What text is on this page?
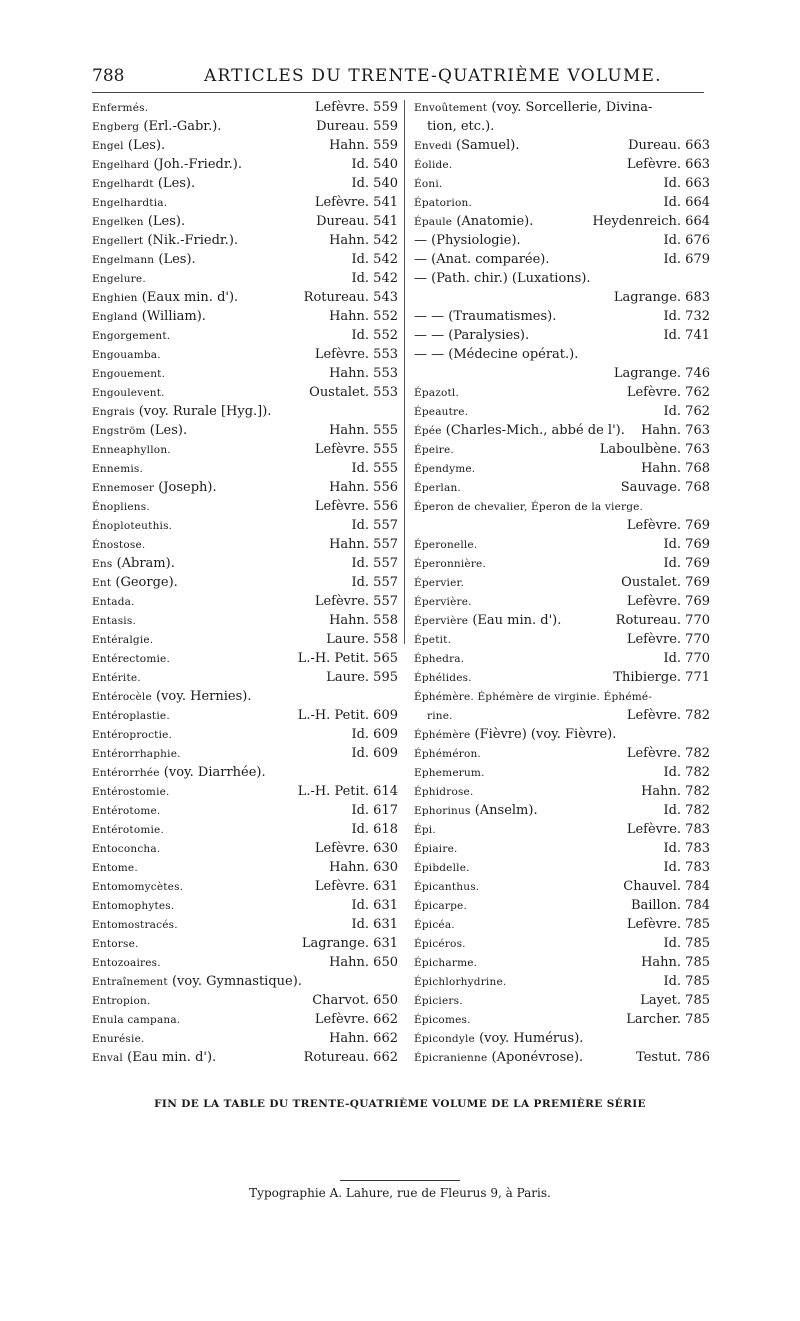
788	ARTICLES DU TRENTE-QUATRIÈME VOLUME.
Enfermés.	Lefèvre. 559
Engberg (Erl.-Gabr.).	Dureau. 559
Engel (Les).	Hahn. 559
Engelhard (Joh.-Friedr.).	Id. 540
Engelhardt (Les).	Id. 540
Engelhardtia.	Lefèvre. 541
Engelken (Les).	Dureau. 541
Engellert (Nik.-Friedr.).	Hahn. 542
Engelmann (Les).	Id. 542
Engelure.	Id. 542
Enghien (Eaux min. d').	Rotureau. 543
England (William).	Hahn. 552
Engorgement.	Id. 552
Engouamba.	Lefèvre. 553
Engouement.	Hahn. 553
Engoulevent.	Oustalet. 553
Engrais (voy. Rurale [Hyg.]).
Engström (Les).	Hahn. 555
Enneaphyllon.	Lefèvre. 555
Ennemis.	Id. 555
Ennemoser (Joseph).	Hahn. 556
Énopliens.	Lefèvre. 556
Énoploteuthis.	Id. 557
Énostose.	Hahn. 557
Ens (Abram).	Id. 557
Ent (George).	Id. 557
Entada.	Lefèvre. 557
Entasis.	Hahn. 558
Entéralgie.	Laure. 558
Entérectomie.	L.-H. Petit. 565
Entérite.	Laure. 595
Entérocèle (voy. Hernies).
Entéroplastie.	L.-H. Petit. 609
Entéroproctie.	Id. 609
Entérorrhaphie.	Id. 609
Entérorrhée (voy. Diarrhée).
Entérostomie.	L.-H. Petit. 614
Entérotome.	Id. 617
Entérotomie.	Id. 618
Entoconcha.	Lefèvre. 630
Entome.	Hahn. 630
Entomomycètes.	Lefèvre. 631
Entomophytes.	Id. 631
Entomostracés.	Id. 631
Entorse.	Lagrange. 631
Entozoaires.	Hahn. 650
Entraînement (voy. Gymnastique).
Entropion.	Charvot. 650
Enula campana.	Lefèvre. 662
Enurésie.	Hahn. 662
Enval (Eau min. d').	Rotureau. 662
Envoûtement (voy. Sorcellerie, Divina-
tion, etc.).
Envedi (Samuel).	Dureau. 663
Éolide.	Lefèvre. 663
Éoni.	Id. 663
Épatorion.	Id. 664
Épaule (Anatomie).	Heydenreich. 664
— (Physiologie).	Id. 676
— (Anat. comparée).	Id. 679
— (Path. chir.) (Luxations).
Lagrange. 683
— — (Traumatismes).	Id. 732
— — (Paralysies).	Id. 741
— — (Médecine opérat.).
Lagrange. 746
Épazotl.	Lefèvre. 762
Épeautre.	Id. 762
Épée (Charles-Mich., abbé de l'). Hahn. 763
Épeire.	Laboulbène. 763
Épendyme.	Hahn. 768
Éperlan.	Sauvage. 768
Éperon de chevalier, Éperon de la vierge.
Lefèvre. 769
Éperonelle.	Id. 769
Éperonnière.	Id. 769
Épervier.	Oustalet. 769
Épervière.	Lefèvre. 769
Épervière (Eau min. d').	Rotureau. 770
Épetit.	Lefèvre. 770
Éphedra.	Id. 770
Éphélides.	Thibierge. 771
Éphémère. Éphémère de virginie. Éphémé-
rine.	Lefèvre. 782
Éphémère (Fièvre) (voy. Fièvre).
Éphéméron.	Lefèvre. 782
Ephemerum.	Id. 782
Éphidrose.	Hahn. 782
Ephorinus (Anselm).	Id. 782
Épi.	Lefèvre. 783
Épiaire.	Id. 783
Épibdelle.	Id. 783
Épicanthus.	Chauvel. 784
Épicarpe.	Baillon. 784
Épicéa.	Lefèvre. 785
Épicéros.	Id. 785
Épicharme.	Hahn. 785
Épichlorhydrine.	Id. 785
Épiciers.	Layet. 785
Épicomes.	Larcher. 785
Épicondyle (voy. Humérus).
Épicranienne (Aponévrose).	Testut. 786
FIN DE LA TABLE DU TRENTE-QUATRIÈME VOLUME DE LA PREMIÈRE SÉRIE
Typographie A. Lahure, rue de Fleurus 9, à Paris.
